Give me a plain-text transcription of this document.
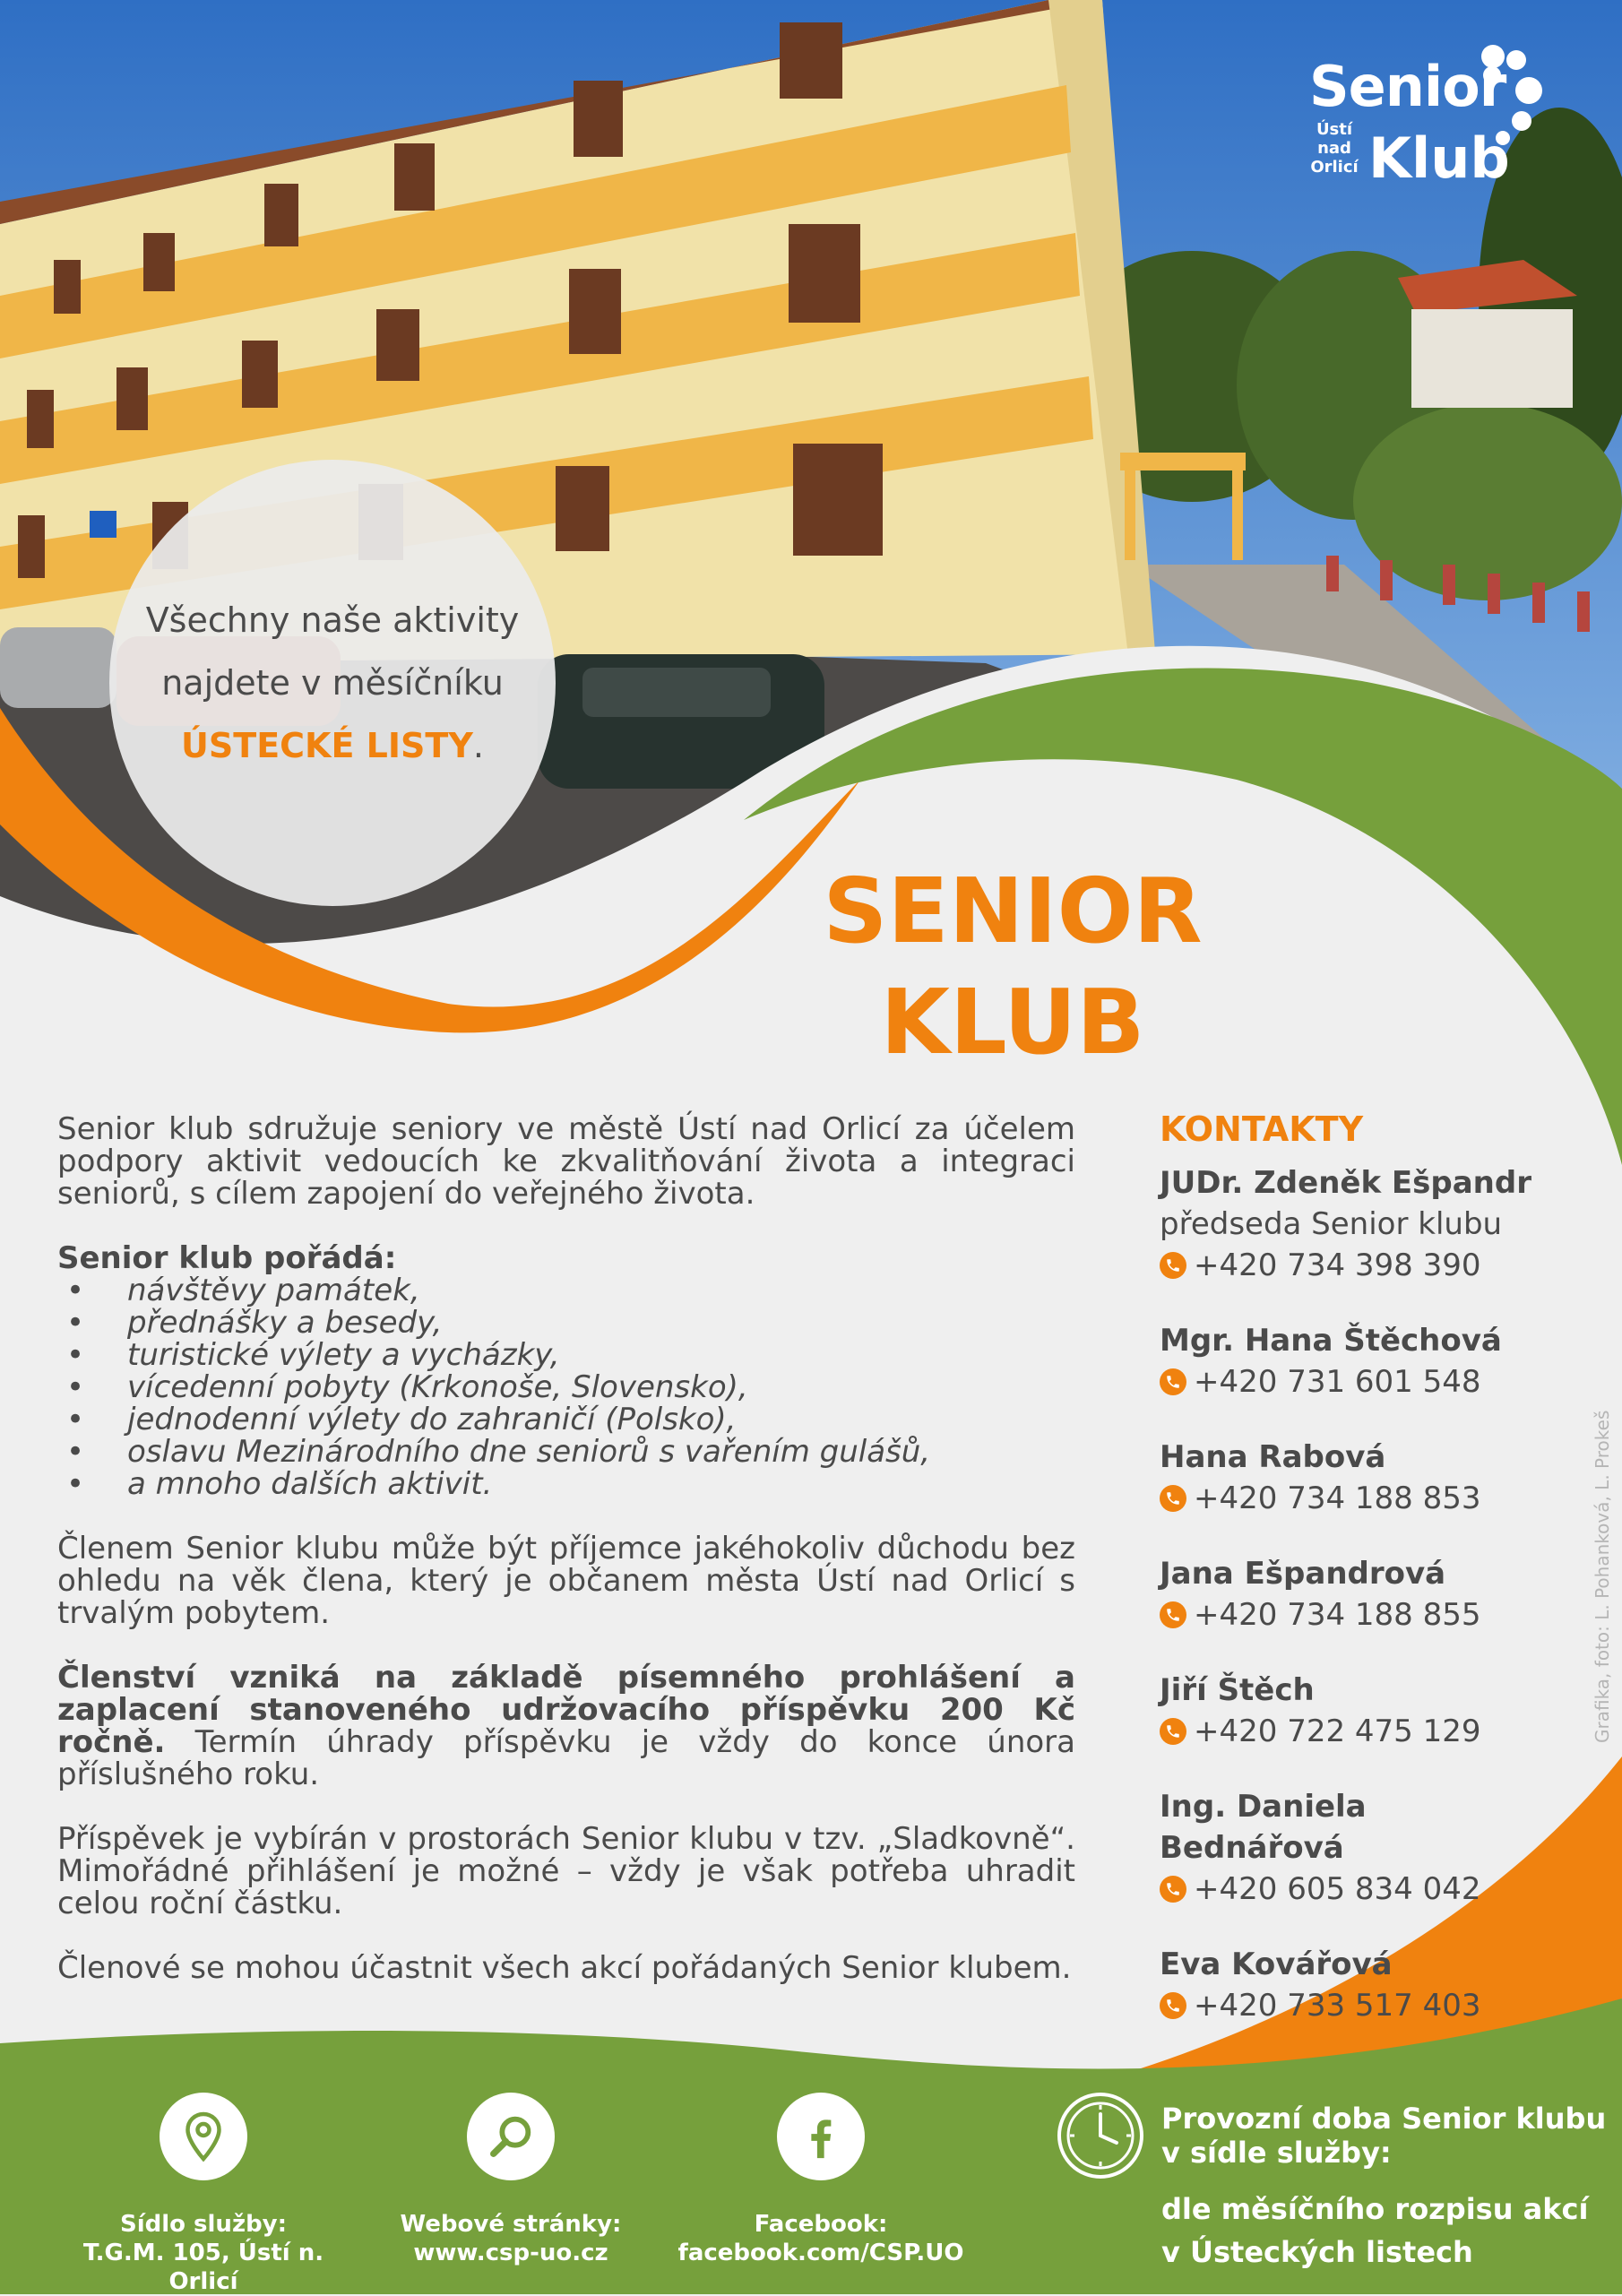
Senior
Ústí
nad
Orlicí Klub

Všechny naše aktivity najdete v měsíčníku ÚSTECKÉ LISTY.

SENIOR
KLUB

Senior klub sdružuje seniory ve městě Ústí nad Orlicí za účelem podpory aktivit vedoucích ke zkvalitňování života a integraci seniorů, s cílem zapojení do veřejného života.

Senior klub pořádá:
• návštěvy památek,
• přednášky a besedy,
• turistické výlety a vycházky,
• vícedenní pobyty (Krkonoše, Slovensko),
• jednodenní výlety do zahraničí (Polsko),
• oslavu Mezinárodního dne seniorů s vařením gulášů,
• a mnoho dalších aktivit.

Členem Senior klubu může být příjemce jakéhokoliv důchodu bez ohledu na věk člena, který je občanem města Ústí nad Orlicí s trvalým pobytem.

Členství vzniká na základě písemného prohlášení a zaplacení stanoveného udržovacího příspěvku 200 Kč ročně. Termín úhrady příspěvku je vždy do konce února příslušného roku.

Příspěvek je vybírán v prostorách Senior klubu v tzv. „Sladkovně“. Mimořádné přihlášení je možné – vždy je však potřeba uhradit celou roční částku.

Členové se mohou účastnit všech akcí pořádaných Senior klubem.

KONTAKTY
JUDr. Zdeněk Ešpandr
předseda Senior klubu
+420 734 398 390
Mgr. Hana Štěchová
+420 731 601 548
Hana Rabová
+420 734 188 853
Jana Ešpandrová
+420 734 188 855
Jiří Štěch
+420 722 475 129
Ing. Daniela Bednářová
+420 605 834 042
Eva Kovářová
+420 733 517 403
Grafika, foto: L. Pohanková, L. Prokeš
Sídlo služby:
T.G.M. 105, Ústí n. Orlicí
Webové stránky:
www.csp-uo.cz
Facebook:
facebook.com/CSP.UO
Provozní doba Senior klubu v sídle služby:
dle měsíčního rozpisu akcí v Ústeckých listech
